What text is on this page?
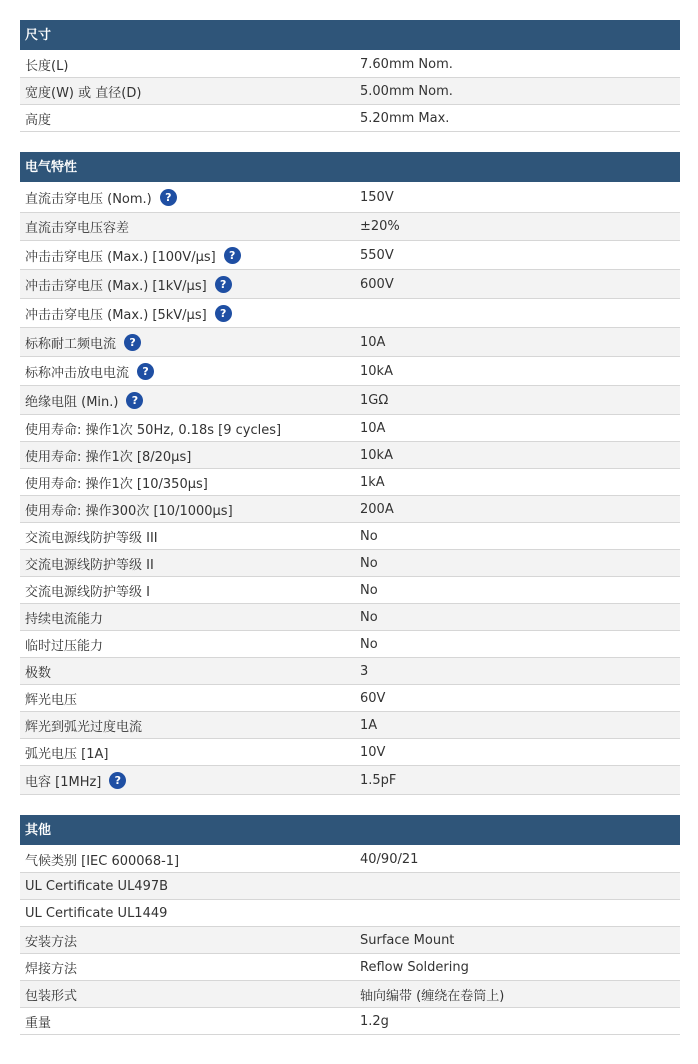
尺寸
长度(L)	7.60mm Nom.
宽度(W) 或 直径(D)	5.00mm Nom.
高度	5.20mm Max.
电气特性
直流击穿电压 (Nom.)	?	150V
直流击穿电压容差	±20%
冲击击穿电压 (Max.) [100V/µs]	?	550V
冲击击穿电压 (Max.) [1kV/µs]	?	600V
冲击击穿电压 (Max.) [5kV/µs]	?
标称耐工频电流	?	10A
标称冲击放电电流	?	10kA
绝缘电阻 (Min.)	?	1GΩ
使用寿命: 操作1次 50Hz, 0.18s [9 cycles]	10A
使用寿命: 操作1次 [8/20µs]	10kA
使用寿命: 操作1次 [10/350µs]	1kA
使用寿命: 操作300次 [10/1000µs]	200A
交流电源线防护等级 III	No
交流电源线防护等级 II	No
交流电源线防护等级 I	No
持续电流能力	No
临时过压能力	No
极数	3
辉光电压	60V
辉光到弧光过度电流	1A
弧光电压 [1A]	10V
电容 [1MHz]	?	1.5pF
其他
气候类别 [IEC 600068-1]	40/90/21
UL Certificate UL497B
UL Certificate UL1449
安装方法	Surface Mount
焊接方法	Reflow Soldering
包装形式	轴向编带 (缠绕在卷筒上)
重量	1.2g
